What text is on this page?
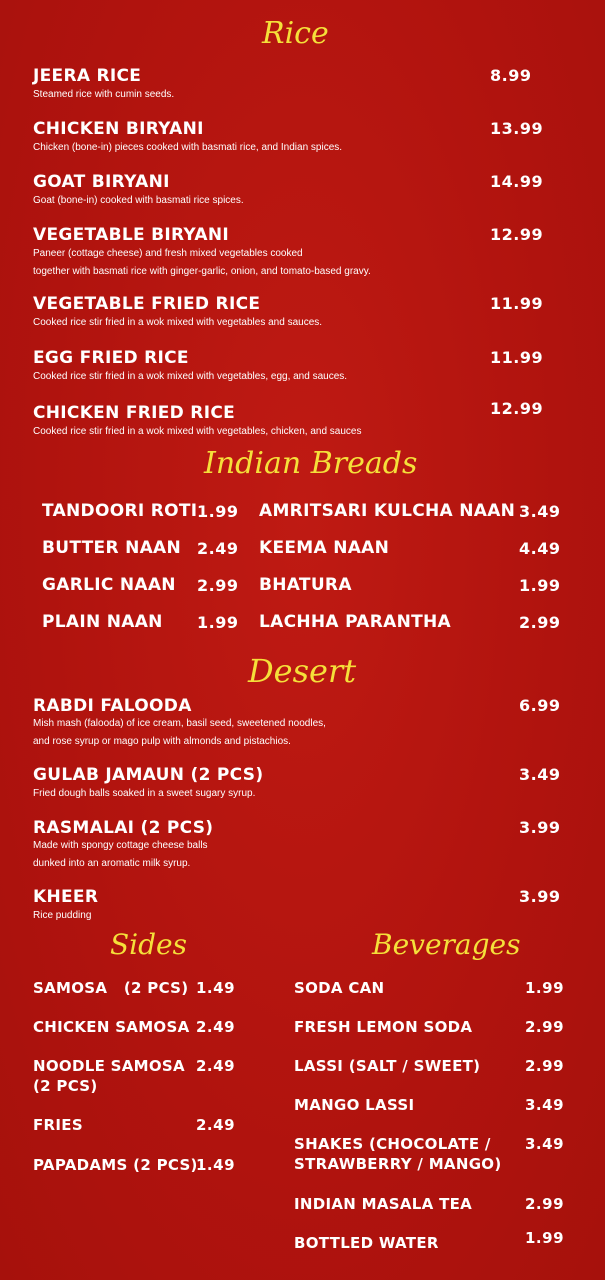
Rice
Indian Breads
Desert
Sides	Beverages
JEERA RICE
Steamed rice with cumin seeds.
8.99
CHICKEN BIRYANI
Chicken (bone-in) pieces cooked with basmati rice, and Indian spices.
13.99
GOAT BIRYANI
Goat (bone-in) cooked with basmati rice spices.
14.99
VEGETABLE BIRYANI
Paneer (cottage cheese) and fresh mixed vegetables cooked
together with basmati rice with ginger-garlic, onion, and tomato-based gravy.
12.99
VEGETABLE FRIED RICE
Cooked rice stir fried in a wok mixed with vegetables and sauces.
11.99
EGG FRIED RICE
Cooked rice stir fried in a wok mixed with vegetables, egg, and sauces.
11.99
CHICKEN FRIED RICE
Cooked rice stir fried in a wok mixed with vegetables, chicken, and sauces
12.99
TANDOORI ROTI 1.99
BUTTER NAAN 2.49
GARLIC NAAN 2.99
PLAIN NAAN 1.99
AMRITSARI KULCHA NAAN 3.49
KEEMA NAAN	4.49
BHATURA	1.99
LACHHA PARANTHA	2.99
RABDI FALOODA
Mish mash (falooda) of ice cream, basil seed, sweetened noodles,
and rose syrup or mago pulp with almonds and pistachios.
6.99
GULAB JAMAUN (2 PCS)
Fried dough balls soaked in a sweet sugary syrup.
3.49
RASMALAI (2 PCS)
Made with spongy cottage cheese balls
dunked into an aromatic milk syrup.
3.99
KHEER
Rice pudding
3.99
SAMOSA   (2 PCS) 1.49
CHICKEN SAMOSA 2.49
NOODLE SAMOSA
(2 PCS)
2.49
FRIES	2.49
PAPADAMS (2 PCS)
1.49
SODA CAN	1.99
FRESH LEMON SODA	2.99
LASSI (SALT / SWEET)	2.99
MANGO LASSI	3.49
SHAKES (CHOCOLATE /
STRAWBERRY / MANGO)
3.49
INDIAN MASALA TEA	2.99
BOTTLED WATER	1.99
